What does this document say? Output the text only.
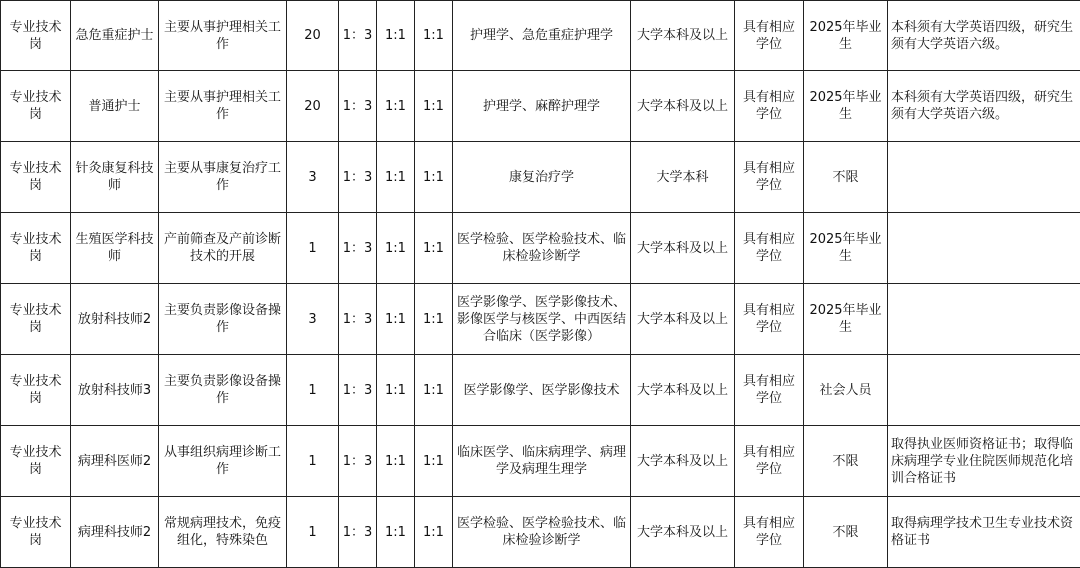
专业技术岗	急危重症护士	主要从事护理相关工作	20	1：3	1:1	1:1	护理学、急危重症护理学	大学本科及以上	具有相应学位	2025年毕业生	本科须有大学英语四级，研究生须有大学英语六级。
专业技术岗	普通护士	主要从事护理相关工作	20	1：3	1:1	1:1	护理学、麻醉护理学	大学本科及以上	具有相应学位	2025年毕业生	本科须有大学英语四级，研究生须有大学英语六级。
专业技术岗	针灸康复科技师	主要从事康复治疗工作	3	1：3	1:1	1:1	康复治疗学	大学本科	具有相应学位	不限	
专业技术岗	生殖医学科技师	产前筛查及产前诊断技术的开展	1	1：3	1:1	1:1	医学检验、医学检验技术、临床检验诊断学	大学本科及以上	具有相应学位	2025年毕业生	
专业技术岗	放射科技师2	主要负责影像设备操作	3	1：3	1:1	1:1	医学影像学、医学影像技术、影像医学与核医学、中西医结合临床（医学影像）	大学本科及以上	具有相应学位	2025年毕业生	
专业技术岗	放射科技师3	主要负责影像设备操作	1	1：3	1:1	1:1	医学影像学、医学影像技术	大学本科及以上	具有相应学位	社会人员	
专业技术岗	病理科医师2	从事组织病理诊断工作	1	1：3	1:1	1:1	临床医学、临床病理学、病理学及病理生理学	大学本科及以上	具有相应学位	不限	取得执业医师资格证书；取得临床病理学专业住院医师规范化培训合格证书
专业技术岗	病理科技师2	常规病理技术，免疫组化，特殊染色	1	1：3	1:1	1:1	医学检验、医学检验技术、临床检验诊断学	大学本科及以上	具有相应学位	不限	取得病理学技术卫生专业技术资格证书
